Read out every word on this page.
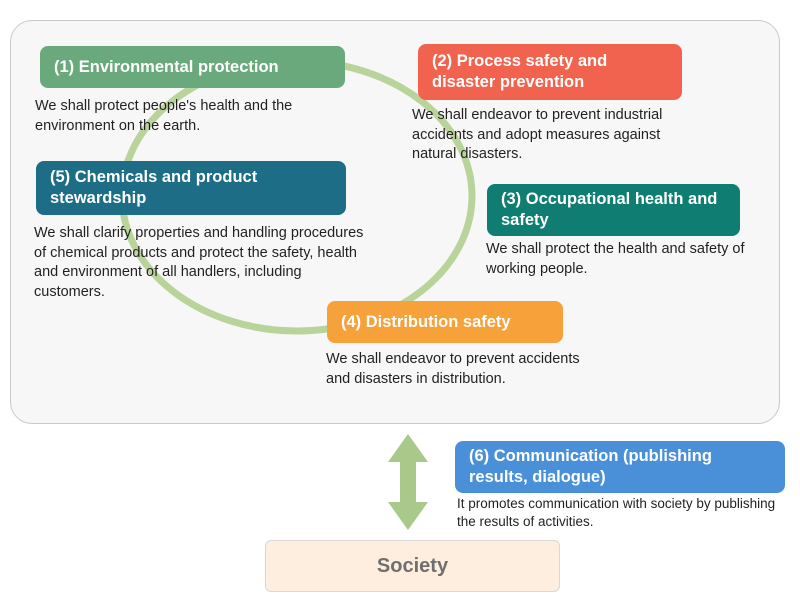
(1) Environmental protection
We shall protect people's health and the environment on the earth.
(2) Process safety and disaster prevention
We shall endeavor to prevent industrial accidents and adopt measures against natural disasters.
(3) Occupational health and safety
We shall protect the health and safety of working people.
(4) Distribution safety
We shall endeavor to prevent accidents and disasters in distribution.
(5) Chemicals and product stewardship
We shall clarify properties and handling procedures of chemical products and protect the safety, health and environment of all handlers, including customers.
(6) Communication (publishing results, dialogue)
It promotes communication with society by publishing the results of activities.
Society
